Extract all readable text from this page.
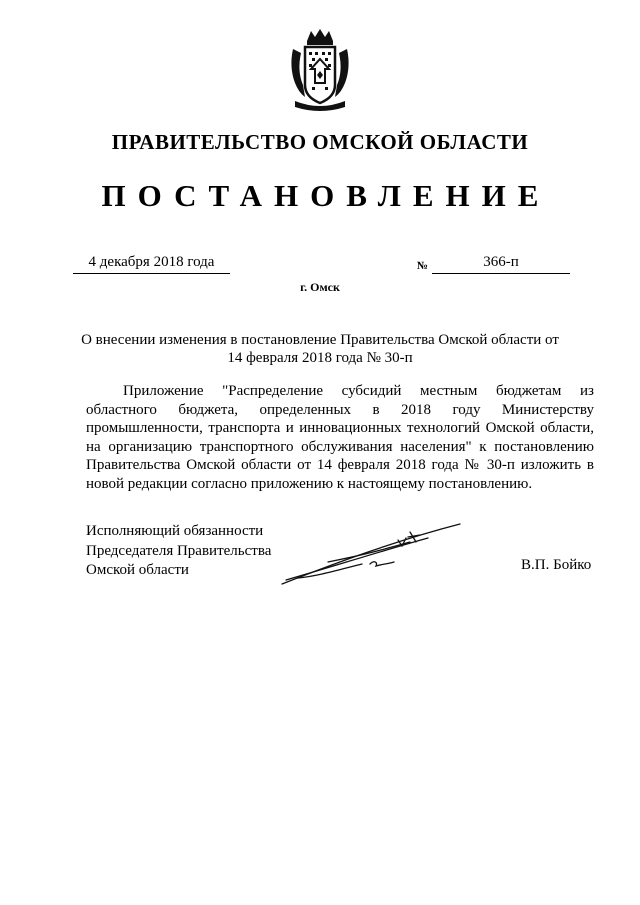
ПРАВИТЕЛЬСТВО ОМСКОЙ ОБЛАСТИ
ПОСТАНОВЛЕНИЕ
4 декабря 2018 года	№	366-п
г. Омск
О внесении изменения в постановление Правительства Омской области от 14 февраля 2018 года № 30-п
Приложение "Распределение субсидий местным бюджетам из областного бюджета, определенных в 2018 году Министерству промышленности, транспорта и инновационных технологий Омской области, на организацию транспортного обслуживания населения" к постановлению Правительства Омской области от 14 февраля 2018 года № 30-п изложить в новой редакции согласно приложению к настоящему постановлению.
Исполняющий обязанности
Председателя Правительства
Омской области	В.П. Бойко
